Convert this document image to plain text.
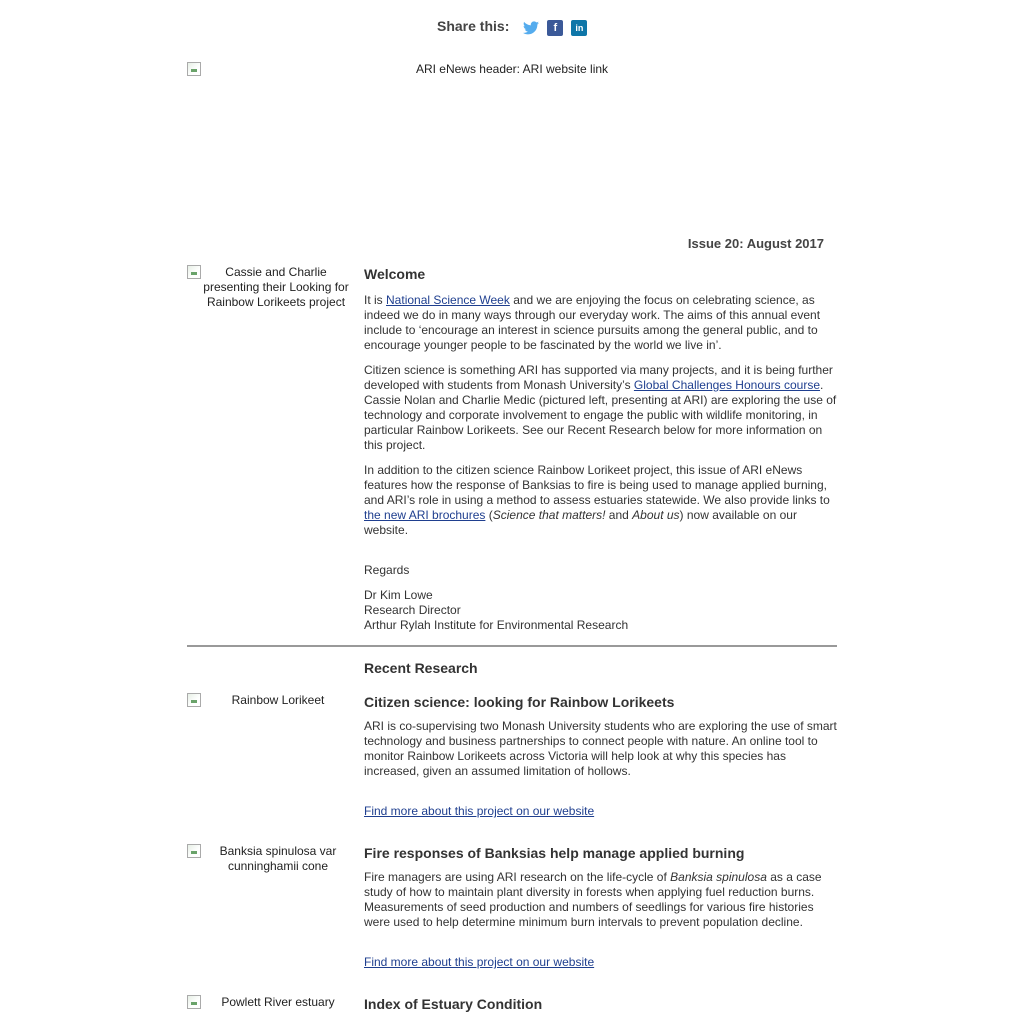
Share this:	f	in
ARI eNews header: ARI website link
Issue 20: August 2017
Cassie and Charlie presenting their Looking for Rainbow Lorikeets project
Welcome

It is National Science Week and we are enjoying the focus on celebrating science, as indeed we do in many ways through our everyday work. The aims of this annual event include to ‘encourage an interest in science pursuits among the general public, and to encourage younger people to be fascinated by the world we live in’.

Citizen science is something ARI has supported via many projects, and it is being further developed with students from Monash University’s Global Challenges Honours course. Cassie Nolan and Charlie Medic (pictured left, presenting at ARI) are exploring the use of technology and corporate involvement to engage the public with wildlife monitoring, in particular Rainbow Lorikeets. See our Recent Research below for more information on this project.

In addition to the citizen science Rainbow Lorikeet project, this issue of ARI eNews features how the response of Banksias to fire is being used to manage applied burning, and ARI’s role in using a method to assess estuaries statewide. We also provide links to the new ARI brochures (Science that matters! and About us) now available on our website.

Regards

Dr Kim Lowe

Research Director

Arthur Rylah Institute for Environmental Research

Recent Research
Rainbow Lorikeet	Citizen science: looking for Rainbow Lorikeets

ARI is co-supervising two Monash University students who are exploring the use of smart technology and business partnerships to connect people with nature. An online tool to monitor Rainbow Lorikeets across Victoria will help look at why this species has increased, given an assumed limitation of hollows.

Find more about this project on our website

Banksia spinulosa var cunninghamii cone
Fire responses of Banksias help manage applied burning

Fire managers are using ARI research on the life-cycle of Banksia spinulosa as a case study of how to maintain plant diversity in forests when applying fuel reduction burns. Measurements of seed production and numbers of seedlings for various fire histories were used to help determine minimum burn intervals to prevent population decline.

Find more about this project on our website

Powlett River estuary	Index of Estuary Condition
